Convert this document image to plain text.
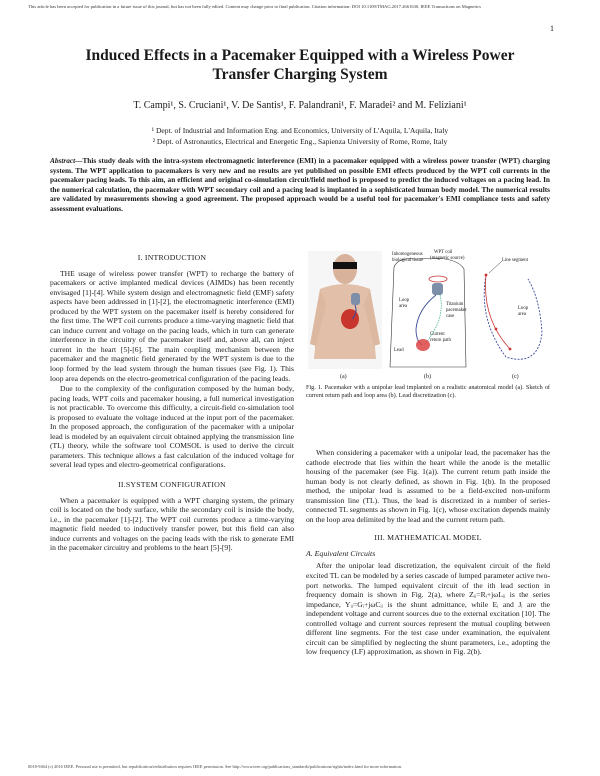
This article has been accepted for publication in a future issue of this journal, but has not been fully edited. Content may change prior to final publication. Citation information: DOI 10.1109/TMAG.2017.2661630, IEEE Transactions on Magnetics
1
Induced Effects in a Pacemaker Equipped with a Wireless Power Transfer Charging System
T. Campi¹, S. Cruciani¹, V. De Santis¹, F. Palandrani¹, F. Maradei² and M. Feliziani¹
¹ Dept. of Industrial and Information Eng. and Economics, University of L'Aquila, L'Aquila, Italy
² Dept. of Astronautics, Electrical and Energetic Eng., Sapienza University of Rome, Rome, Italy
Abstract—This study deals with the intra-system electromagnetic interference (EMI) in a pacemaker equipped with a wireless power transfer (WPT) charging system. The WPT application to pacemakers is very new and no results are yet published on possible EMI effects produced by the WPT coil currents in the pacemaker pacing leads. To this aim, an efficient and original co-simulation circuit/field method is proposed to predict the induced voltages on a pacing lead. In the numerical calculation, the pacemaker with WPT secondary coil and a pacing lead is implanted in a sophisticated human body model. The numerical results are validated by measurements showing a good agreement. The proposed approach would be a useful tool for pacemaker's EMI compliance tests and safety assessment evaluations.
I. INTRODUCTION

THE usage of wireless power transfer (WPT) to recharge the battery of pacemakers or active implanted medical devices (AIMDs) has been recently envisaged [1]-[4]. While system design and electromagnetic field (EMF) safety aspects have been addressed in [1]-[2], the electromagnetic interference (EMI) produced by the WPT system on the pacemaker itself is hereby considered for the first time. The WPT coil currents produce a time-varying magnetic field that can induce current and voltage on the pacing leads, which in turn can generate interference in the circuitry of the pacemaker itself and, above all, can inject current in the heart [5]-[6]. The main coupling mechanism between the pacemaker and the magnetic field generated by the WPT system is due to the loop formed by the lead system through the human tissues (see Fig. 1). This loop area depends on the electro-geometrical configuration of the pacing leads.

Due to the complexity of the configuration composed by the human body, pacing leads, WPT coils and pacemaker housing, a full numerical investigation is not practicable. To overcome this difficulty, a circuit-field co-simulation tool is proposed to evaluate the voltage induced at the input port of the pacemaker. In the proposed approach, the configuration of the pacemaker with a unipolar lead is modeled by an equivalent circuit obtained applying the transmission line (TL) theory, while the software tool COMSOL is used to derive the circuit parameters. This technique allows a fast calculation of the induced voltage for several lead types and electro-geometrical configurations.

II.SYSTEM CONFIGURATION

When a pacemaker is equipped with a WPT charging system, the primary coil is located on the body surface, while the secondary coil is inside the body, i.e., in the pacemaker [1]-[2]. The WPT coil currents produce a time-varying magnetic field needed to inductively transfer power, but this field can also induce currents and voltages on the pacing leads with the risk to generate EMI in the pacemaker circuitry and problems to the heart [5]-[9].

Inhomogeneous
biological tissue
WPT coil
(magnetic source)
Loop
area	Titanium
pacemaker
case
Current
return path
Lead
Line segment
Loop
area
(a)	(b)	(c)
Fig. 1. Pacemaker with a unipolar lead implanted on a realistic anatomical model (a). Sketch of current return path and loop area (b). Lead discretization (c).

When considering a pacemaker with a unipolar lead, the pacemaker has the cathode electrode that lies within the heart while the anode is the metallic housing of the pacemaker (see Fig. 1(a)). The current return path inside the human body is not clearly defined, as shown in Fig. 1(b). In the proposed method, the unipolar lead is assumed to be a field-excited non-uniform transmission line (TL). Thus, the lead is discretized in a number of series-connected TL segments as shown in Fig. 1(c), whose excitation depends mainly on the loop area delimited by the lead and the current return path.

III. MATHEMATICAL MODEL
A. Equivalent Circuits

After the unipolar lead discretization, the equivalent circuit of the field excited TL can be modeled by a series cascade of lumped parameter active two-port networks. The lumped equivalent circuit of the ith lead section in frequency domain is shown in Fig. 2(a), where Zᵢᵢ=Rᵢ+jωLᵢᵢ is the series impedance, Yᵢᵢ=Gᵢ+jωCᵢᵢ is the shunt admittance, while Eᵢ and Jᵢ are the independent voltage and current sources due to the external excitation [10]. The controlled voltage and current sources represent the mutual coupling between different line segments. For the test case under examination, the equivalent circuit can be simplified by neglecting the shunt parameters, i.e., adopting the low frequency (LF) approximation, as shown in Fig. 2(b).

0018-9464 (c) 2016 IEEE. Personal use is permitted, but republication/redistribution requires IEEE permission. See http://www.ieee.org/publications_standards/publications/rights/index.html for more information.
